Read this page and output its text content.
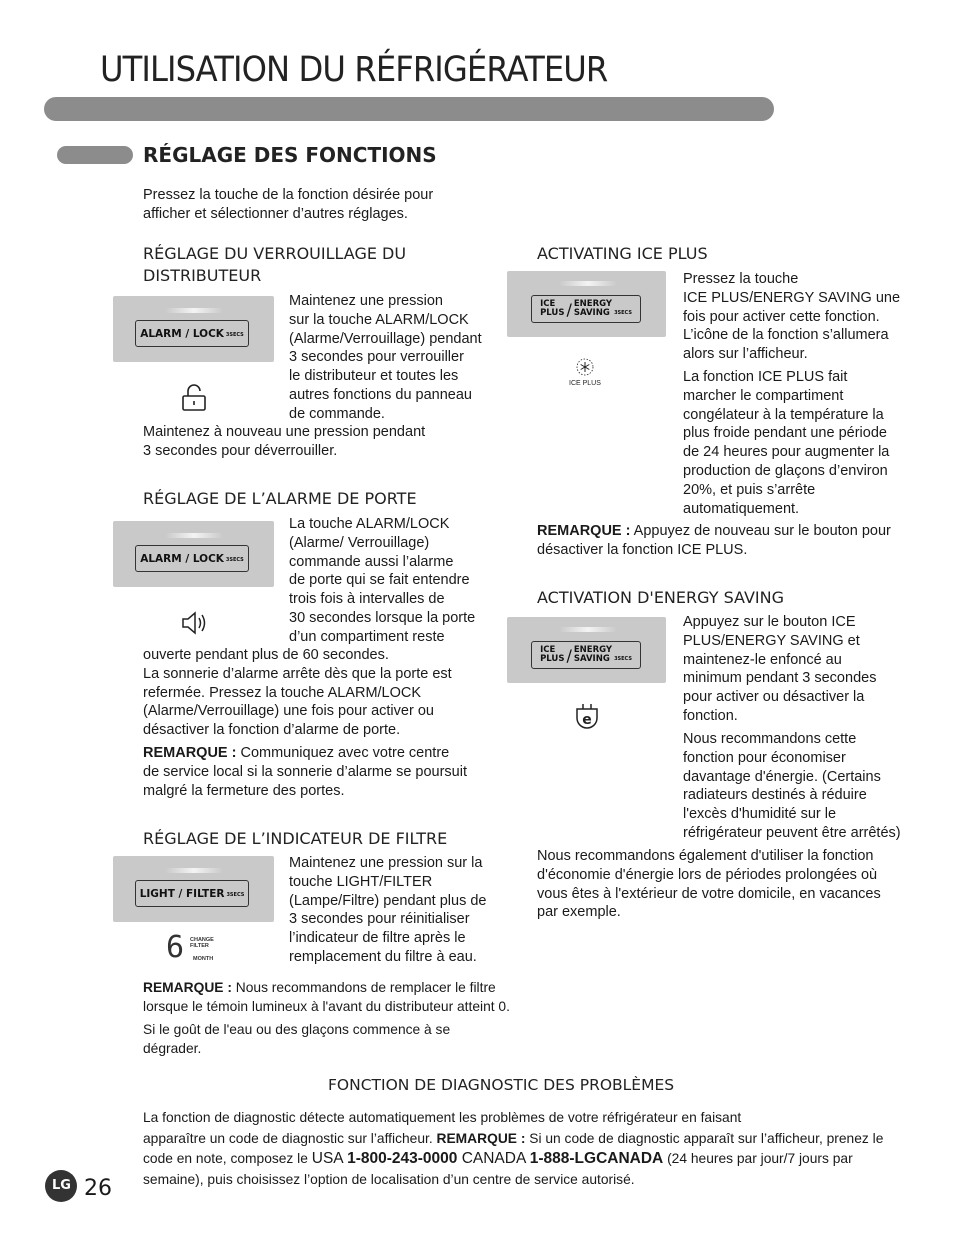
UTILISATION DU RÉFRIGÉRATEUR
RÉGLAGE DES FONCTIONS
Pressez la touche de la fonction désirée pour
afficher et sélectionner d’autres réglages.
RÉGLAGE DU VERROUILLAGE DU
DISTRIBUTEUR
ALARM / LOCK 3SECS
Maintenez une pression
sur la touche ALARM/LOCK
(Alarme/Verrouillage) pendant
3 secondes pour verrouiller
le distributeur et toutes les
autres fonctions du panneau
de commande.
Maintenez à nouveau une pression pendant
3 secondes pour déverrouiller.
RÉGLAGE DE L’ALARME DE PORTE
ALARM / LOCK 3SECS
La touche ALARM/LOCK
(Alarme/ Verrouillage)
commande aussi l’alarme
de porte qui se fait entendre
trois fois à intervalles de
30 secondes lorsque la porte
d’un compartiment reste
ouverte pendant plus de 60 secondes.
La sonnerie d’alarme arrête dès que la porte est
refermée. Pressez la touche ALARM/LOCK
(Alarme/Verrouillage) une fois pour activer ou
désactiver la fonction d’alarme de porte.
REMARQUE : Communiquez avec votre centre
de service local si la sonnerie d’alarme se poursuit
malgré la fermeture des portes.
RÉGLAGE DE L’INDICATEUR DE FILTRE
LIGHT / FILTER 3SECS
6 CHANGE
FILTER
MONTH
Maintenez une pression sur la
touche LIGHT/FILTER
(Lampe/Filtre) pendant plus de
3 secondes pour réinitialiser
l’indicateur de filtre après le
remplacement du filtre à eau.
REMARQUE : Nous recommandons de remplacer le filtre
lorsque le témoin lumineux à l'avant du distributeur atteint 0.
Si le goût de l'eau ou des glaçons commence à se
dégrader.
ACTIVATING ICE PLUS
ICE
PLUS / ENERGY
SAVING 3SECS
ICE PLUS
Pressez la touche
ICE PLUS/ENERGY SAVING une
fois pour activer cette fonction.
L’icône de la fonction s’allumera
alors sur l’afficheur.
La fonction ICE PLUS fait
marcher le compartiment
congélateur à la température la
plus froide pendant une période
de 24 heures pour augmenter la
production de glaçons d’environ
20%, et puis s’arrête
automatiquement.
REMARQUE : Appuyez de nouveau sur le bouton pour
désactiver la fonction ICE PLUS.
ACTIVATION D'ENERGY SAVING
ICE
PLUS / ENERGY
SAVING 3SECS
e
Appuyez sur le bouton ICE
PLUS/ENERGY SAVING et
maintenez-le enfoncé au
minimum pendant 3 secondes
pour activer ou désactiver la
fonction.
Nous recommandons cette
fonction pour économiser
davantage d'énergie. (Certains
radiateurs destinés à réduire
l'excès d'humidité sur le
réfrigérateur peuvent être arrêtés)
Nous recommandons également d'utiliser la fonction
d'économie d'énergie lors de périodes prolongées où
vous êtes à l'extérieur de votre domicile, en vacances
par exemple.
FONCTION DE DIAGNOSTIC DES PROBLÈMES
La fonction de diagnostic détecte automatiquement les problèmes de votre réfrigérateur en faisant
apparaître un code de diagnostic sur l’afficheur. REMARQUE : Si un code de diagnostic apparaît sur l’afficheur, prenez le
code en note, composez le USA 1-800-243-0000 CANADA 1-888-LGCANADA (24 heures par jour/7 jours par
semaine), puis choisissez l’option de localisation d’un centre de service autorisé.
LG 26
